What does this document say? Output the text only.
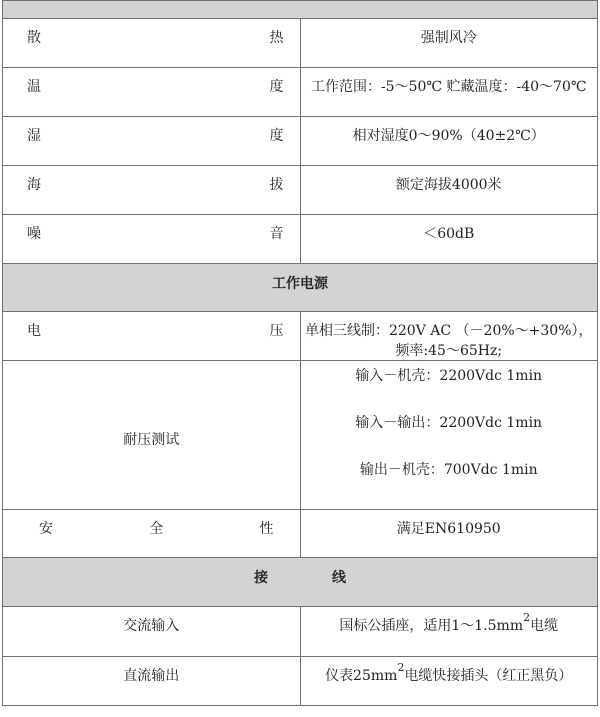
散 热	强制风冷

温 度	工作范围：-5～50℃ 贮藏温度：-40～70℃

湿 度	相对湿度0～90%（40±2℃）

海 拔	额定海拔4000米

噪 音	＜60dB
工作电源	

电 压	单相三线制：220V AC （－20%～+30%），频率:45～65Hz;
耐压测试	输入－机壳：2200Vdc 1min
输入－输出：2200Vdc 1min
输出－机壳：700Vdc 1min

安 全 性	满足EN610950
接 线	
交流输入	国标公插座，适用$1\sim 1.5mm^2$电缆
直流输出	仪表$25mm^2$电缆快接插头（红正黑负）
